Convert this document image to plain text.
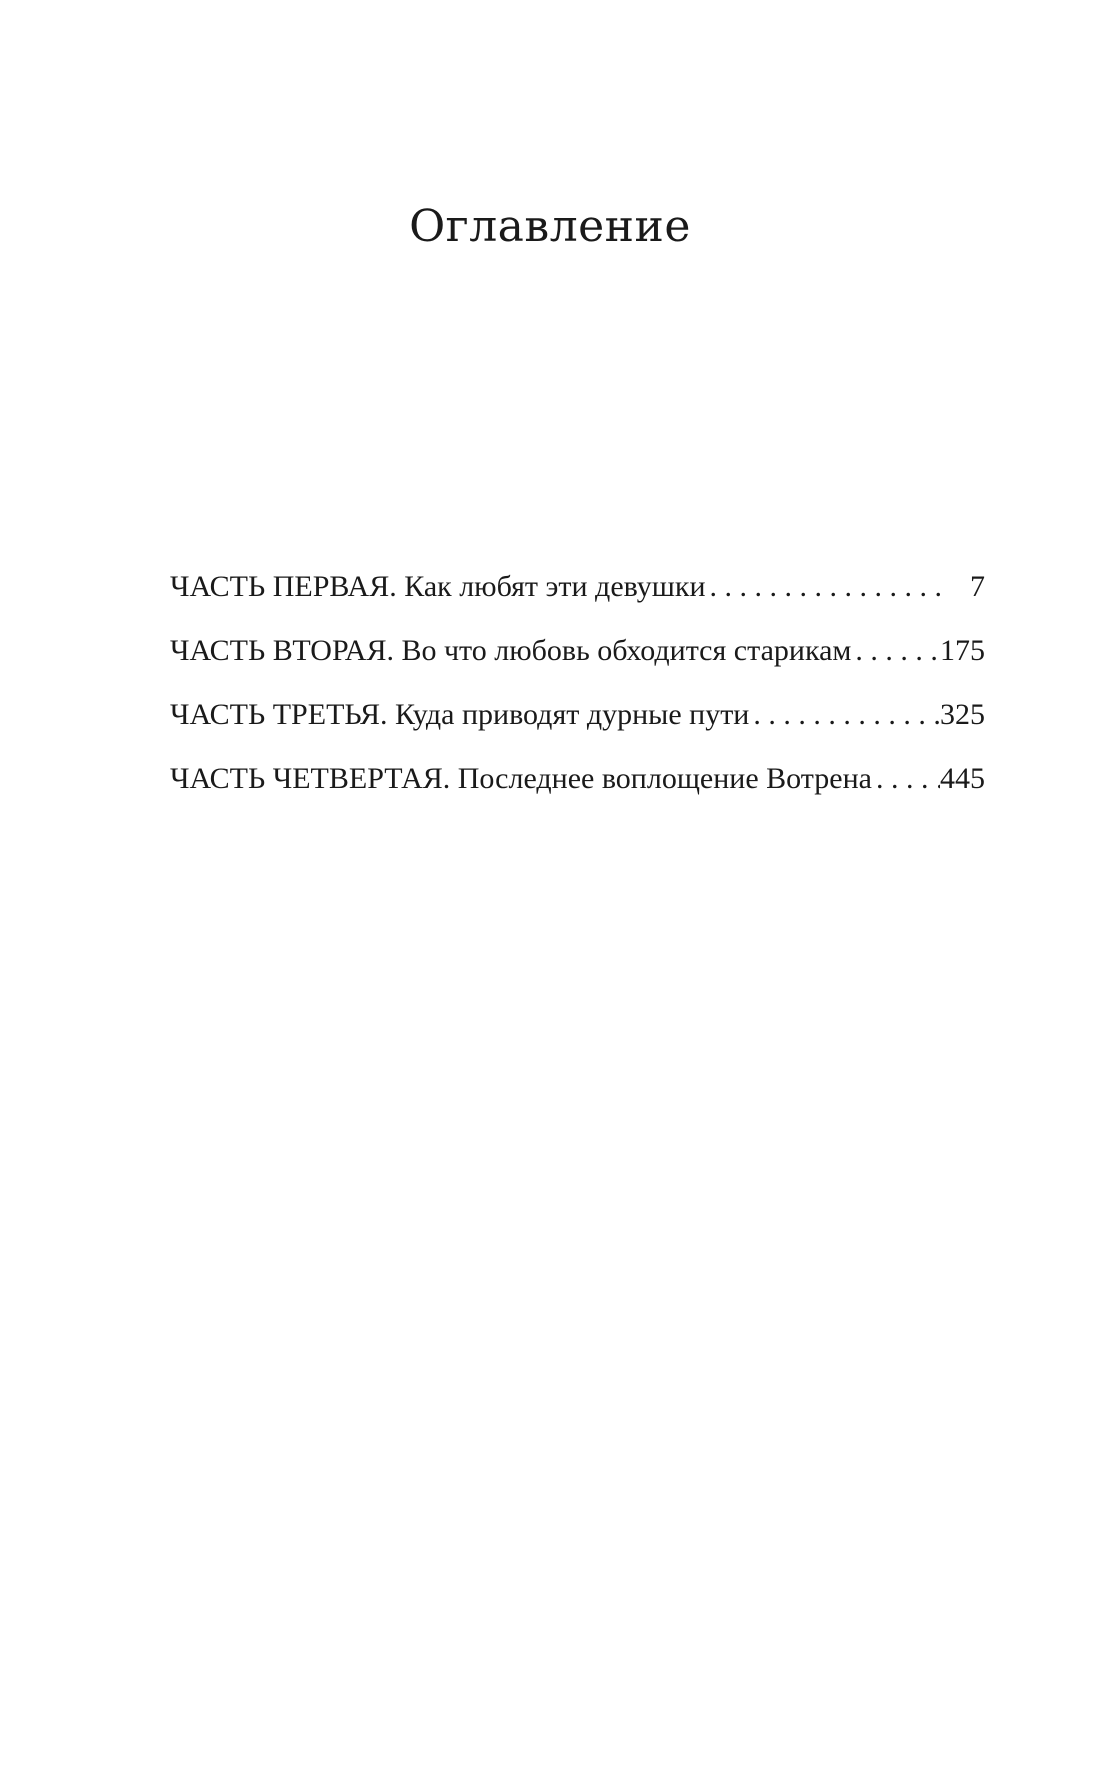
Оглавление
ЧАСТЬ ПЕРВАЯ. Как любят эти девушки . . .	7
ЧАСТЬ ВТОРАЯ. Во что любовь обходится старикам . . .	175
ЧАСТЬ ТРЕТЬЯ. Куда приводят дурные пути . . .	325
ЧАСТЬ ЧЕТВЕРТАЯ. Последнее воплощение Вотрена . . . 445
